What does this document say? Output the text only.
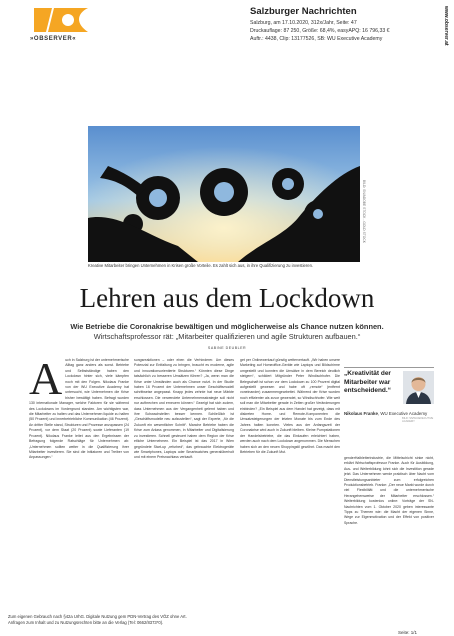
»OBSERVER«
Salzburger Nachrichten
Salzburg, am 17.10.2020, 312x/Jahr, Seite: 47
Druckauflage: 87 250, Größe: 68,4%, easyAPQ: 16 796,33 €
Auftr.: 4438, Clip: 13177526, SB: WU Executive Academy	www.observer.at
Kreative Mitarbeiter bringen Unternehmen in Krisen große Vorteile. Es zahlt sich aus, in ihre Qualifizierung zu investieren.
BILD: SN/ADOBE STOCK - GOLD STOCK
Lehren aus dem Lockdown
Wie Betriebe die Coronakrise bewältigen und möglicherweise als Chance nutzen können.
Wirtschaftsprofessor rät: „Mitarbeiter qualifizieren und agile Strukturen aufbauen.“
SABINE DEUBLER
A uch in Salzburg ist der unternehmerische Alltag ganz anders als sonst. Betriebe und Selbstständige haben den Lockdown hinter sich, viele kämpfen noch mit den Folgen. Nikolaus Franke von der WU Executive Academy hat untersucht, wie Unternehmen die Krise bisher bewältigt haben. Befragt wurden 130 internationale Manager, welche Faktoren für sie während des Lockdowns im Vordergrund standen. Am wichtigsten war, die Mitarbeiter zu halten und das Unternehmen liquide zu halten (50 Prozent) und innerbetriebliche Kommunikation (46 Prozent). An dritter Stelle stand, Strukturen und Prozesse anzupassen (24 Prozent), vor dem Staat (20 Prozent) sowie Lieferanten (19 Prozent). Nikolaus Franke leitet aus den Ergebnissen der Befragung folgende Ratschläge für Unternehmen ab: „Unternehmen sollten weiter in die Qualifizierung ihrer Mitarbeiter investieren. Sie sind die Initiatoren und Treiber von Anpassungen.“
sungsreaktionen – oder eben die Verhinderer. Um dieses Potenzial zur Entfaltung zu bringen, braucht es moderne, agile und innovationsorientierte Strukturen.“ Könnten diese Dinge tatsächlich zu besseren Umsätzen führen? „Ja, wenn man die Krise unter Umständen auch als Chance nutzt. In der Studie haben 16 Prozent der Unternehmen unser Geschäftsmodell schrittweise angepasst. Knapp jedes zehnte hat neue Märkte erschlossen. Die verwendete Unternehmensstrategie soll nicht nur aufbrechen und erneuern können.“ Gezeigt hat sich zudem, dass Unternehmen aus der Vergangenheit gelernt haben und ihre Schwachstellen besser kennen. Schließlich ist „Geschäftsmodelle neu aufzustellen“, sagt der Experte, „für die Zukunft ein wesentlicher Schritt“. Manche Betriebe haben die Krise zum Anlass genommen, in Mitarbeiter und Digitalisierung zu investieren. Schnell gesteuert haben dem Region der Krise etliche Unternehmen. Ein Beispiel ist das 2017 in Wien gegründete Start-up „refurbed“, das gebrauchte Elektrogeräte wie Smartphones, Laptops oder Smartwatches generalüberholt und mit einem Preisnachlass verkauft.
get per Onlinewerkauf günstig weitervertauft. „Wir haben unsere Marketing auf Homeoffice-Geräte wie Laptops und Bildschirme umgestellt und konnten die Umsätze in dem Bereich deutlich steigern“, schildert Mitgründer Peter Windischhofer. Die Belegschaft ist schon vor dem Lockdown zu 100 Prozent digital aufgestellt gewesen und habe oft „remote“ (entfernt voneinander) zusammengearbeitet. Während der Krise wurden noch effizienter als zuvor gewendet, so Windischhofer. Wie weit soll man die Mitarbeiter gerade in Zeiten großer Veränderungen einbinden? „Ein Beispiel aus dem Handel hat gezeigt, dass mit diskreten Home- und Remote-Komponenten die Umsatzsteigerungen der letzten Monate bis zum Ende des Jahres halten konnten. Vieles aus der Anfangszeit der Coronakrise wird auch in Zukunft bleiben. Kleine Pumpstationen der Handelsbetriebe, die das Einkaufen erleichtert haben, werden auch nach dem Lockdown angenommen. Die Menschen haben sich an den neuen Shoppingstil gewöhnt. Das macht den Betrieben für die Zukunft Mut.
„Kreativität der Mitarbeiter war entscheidend.“
Nikolaus Franke, WU Executive Academy
BILD: SN/WU/EXECUTIVE ACADEMY
genderHalbleiterindustrie, die Mittelschicht sinke nicht, erklärt Wirtschaftsprofessor Franke. Auch für Ausbildung, Aus- und Weiterbildung lohnt sich die Investition gerade jetzt. Das Unternehmen werde praktisch über Nacht vom Dienstleistungsanbieter zum erfolgreichen Produktionsbetrieb. Franke: „Der neue Markt wurde durch viel Flexibilität und die unternehmerische Herangehensweise der Mitarbeiter erschlossen.“ Weiterbildung kostenlos online: Vorträge der SN-Nachrichten vom 1. Oktober 2020 geben interessante Tipps zu Themen wie: die Macht der eigenen Sinne, Wege zur Eigenmotivation und der Effekt von positiver Sprache.
Zum eigenen Gebrauch nach §42a UrhG. Digitale Nutzung gem PDN-Vertrag des VÖZ ohne Art.
Anfragen zum Inhalt und zu Nutzungsrechten bitte an die Verlag (Tel: 0662/8373*0).
Seite: 1/1
